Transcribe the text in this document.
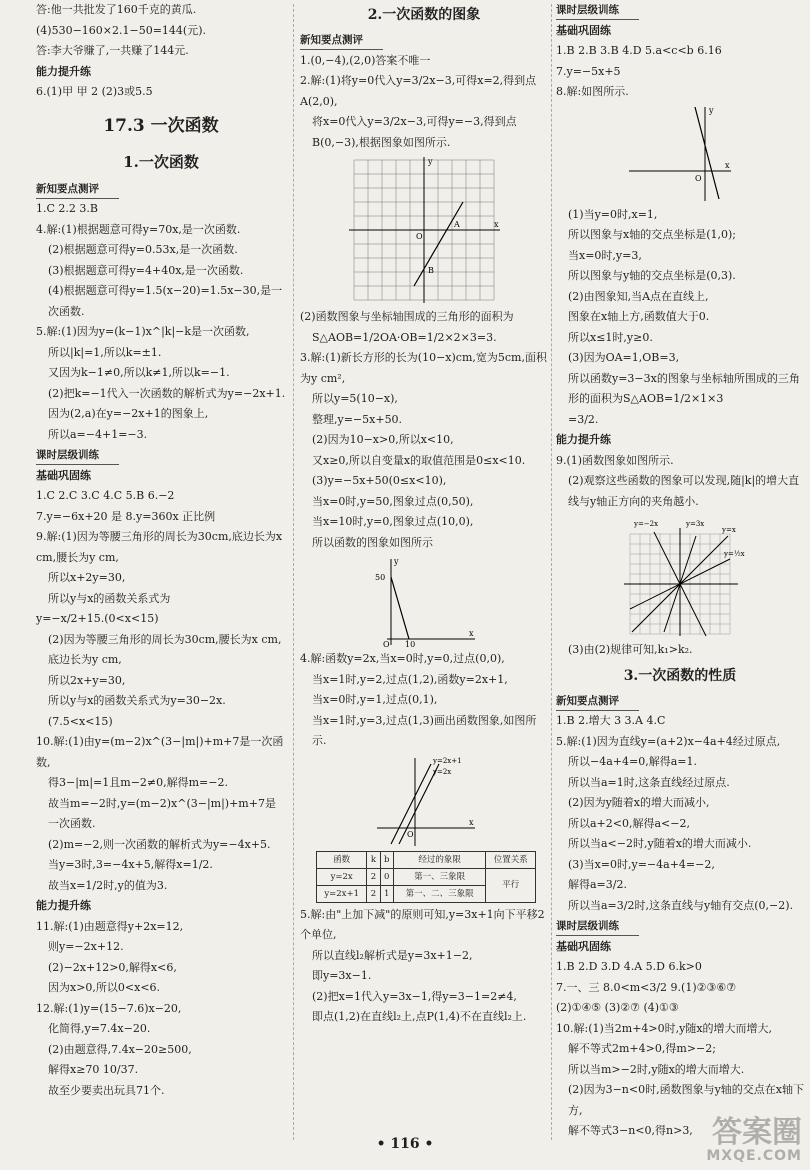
答:他一共批发了160千克的黄瓜.
(4)530−160×2.1−50=144(元).
答:李大爷赚了,一共赚了144元.
能力提升练
6.(1)甲 甲 2 (2)3或5.5
17.3 一次函数
1.一次函数
新知要点测评
1.C 2.2 3.B
4.解:(1)根据题意可得y=70x,是一次函数.
(2)根据题意可得y=0.53x,是一次函数.
(3)根据题意可得y=4+40x,是一次函数.
(4)根据题意可得y=1.5(x−20)=1.5x−30,是一次函数.
5.解:(1)因为y=(k−1)x^|k|−k是一次函数,
所以|k|=1,所以k=±1.
又因为k−1≠0,所以k≠1,所以k=−1.
(2)把k=−1代入一次函数的解析式为y=−2x+1.
因为(2,a)在y=−2x+1的图象上,
所以a=−4+1=−3.
课时层级训练
基础巩固练
1.C 2.C 3.C 4.C 5.B 6.−2
7.y=−6x+20 是 8.y=360x 正比例
9.解:(1)因为等腰三角形的周长为30cm,底边长为x cm,腰长为y cm,
所以x+2y=30,
所以y与x的函数关系式为
y=−x/2+15.(0<x<15)
(2)因为等腰三角形的周长为30cm,腰长为x cm,底边长为y cm,
所以2x+y=30,
所以y与x的函数关系式为y=30−2x.(7.5<x<15)
10.解:(1)由y=(m−2)x^(3−|m|)+m+7是一次函数,
得3−|m|=1且m−2≠0,解得m=−2.
故当m=−2时,y=(m−2)x^(3−|m|)+m+7是一次函数.
(2)m=−2,则一次函数的解析式为y=−4x+5.
当y=3时,3=−4x+5,解得x=1/2.
故当x=1/2时,y的值为3.
能力提升练
11.解:(1)由题意得y+2x=12,
则y=−2x+12.
(2)−2x+12>0,解得x<6,
因为x>0,所以0<x<6.
12.解:(1)y=(15−7.6)x−20,
化简得,y=7.4x−20.
(2)由题意得,7.4x−20≥500,
解得x≥70 10/37.
故至少要卖出玩具71个.
2.一次函数的图象
新知要点测评
1.(0,−4),(2,0)答案不唯一
2.解:(1)将y=0代入y=3/2x−3,可得x=2,得到点A(2,0),
将x=0代入y=3/2x−3,可得y=−3,得到点B(0,−3),根据图象如图所示.
y
x
O
A
B
(2)函数图象与坐标轴围成的三角形的面积为
S△AOB=1/2OA·OB=1/2×2×3=3.
3.解:(1)新长方形的长为(10−x)cm,宽为5cm,面积为y cm²,
所以y=5(10−x),
整理,y=−5x+50.
(2)因为10−x>0,所以x<10,
又x≥0,所以自变量x的取值范围是0≤x<10.
(3)y=−5x+50(0≤x<10),
当x=0时,y=50,图象过点(0,50),
当x=10时,y=0,图象过点(10,0),
所以函数的图象如图所示
50
10
O
y
x
4.解:函数y=2x,当x=0时,y=0,过点(0,0),
当x=1时,y=2,过点(1,2),函数y=2x+1,
当x=0时,y=1,过点(0,1),
当x=1时,y=3,过点(1,3)画出函数图象,如图所示.
y=2x+1
y=2x
x
O
函数	k	b	经过的象限	位置关系
y=2x	2	0	第一、三象限	平行
y=2x+1	2	1	第一、二、三象限	
5.解:由"上加下减"的原则可知,y=3x+1向下平移2个单位,
所以直线l₂解析式是y=3x+1−2,
即y=3x−1.
(2)把x=1代入y=3x−1,得y=3−1=2≠4,
即点(1,2)在直线l₂上,点P(1,4)不在直线l₂上.
课时层级训练
基础巩固练
1.B 2.B 3.B 4.D 5.a<c<b 6.16
7.y=−5x+5
8.解:如图所示.
y
x
O
(1)当y=0时,x=1,
所以图象与x轴的交点坐标是(1,0);
当x=0时,y=3,
所以图象与y轴的交点坐标是(0,3).
(2)由图象知,当A点在直线上,
图象在x轴上方,函数值大于0.
所以x≤1时,y≥0.
(3)因为OA=1,OB=3,
所以函数y=3−3x的图象与坐标轴所围成的三角形的面积为S△AOB=1/2×1×3
=3/2.
能力提升练
9.(1)函数图象如图所示.
(2)观察这些函数的图象可以发现,随|k|的增大直线与y轴正方向的夹角越小.
y=−2x	y=3x
y=x
y=½x
(3)由(2)规律可知,k₁>k₂.
3.一次函数的性质
新知要点测评
1.B 2.增大 3 3.A 4.C
5.解:(1)因为直线y=(a+2)x−4a+4经过原点,
所以−4a+4=0,解得a=1.
所以当a=1时,这条直线经过原点.
(2)因为y随着x的增大而减小,
所以a+2<0,解得a<−2,
所以当a<−2时,y随着x的增大而减小.
(3)当x=0时,y=−4a+4=−2,
解得a=3/2.
所以当a=3/2时,这条直线与y轴有交点(0,−2).
课时层级训练
基础巩固练
1.B 2.D 3.D 4.A 5.D 6.k>0
7.一、三 8.0<m<3/2 9.(1)②③⑥⑦
(2)①④⑤ (3)②⑦ (4)①③
10.解:(1)当2m+4>0时,y随x的增大而增大,
解不等式2m+4>0,得m>−2;
所以当m>−2时,y随x的增大而增大.
(2)因为3−n<0时,函数图象与y轴的交点在x轴下方,
解不等式3−n<0,得n>3,
• 116 •	答案圈
MXQE.COM
